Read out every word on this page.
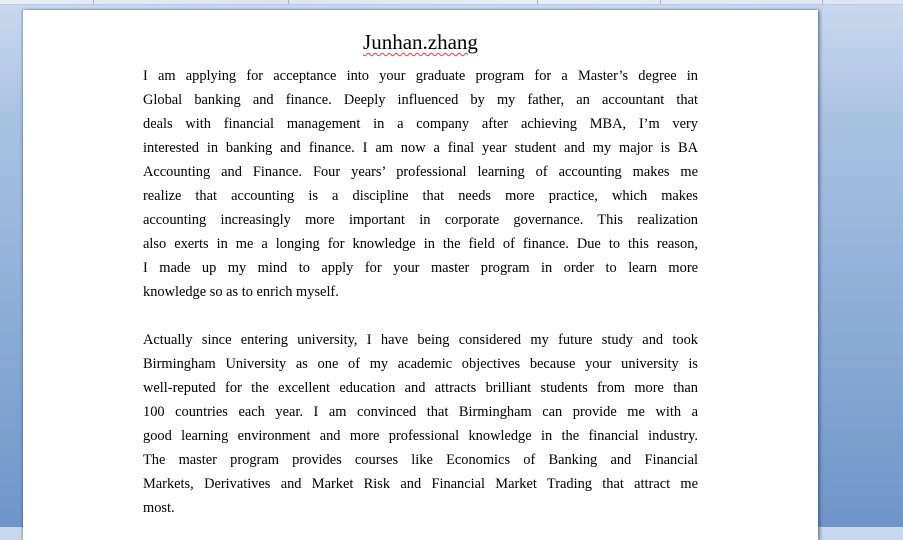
Junhan.zhang
I am applying for acceptance into your graduate program for a Master’s degree in
Global banking and finance. Deeply influenced by my father, an accountant that
deals with financial management in a company after achieving MBA, I’m very
interested in banking and finance. I am now a final year student and my major is BA
Accounting and Finance. Four years’ professional learning of accounting makes me
realize that accounting is a discipline that needs more practice, which makes
accounting increasingly more important in corporate governance. This realization
also exerts in me a longing for knowledge in the field of finance. Due to this reason,
I made up my mind to apply for your master program in order to learn more
knowledge so as to enrich myself.
Actually since entering university, I have being considered my future study and took
Birmingham University as one of my academic objectives because your university is
well-reputed for the excellent education and attracts brilliant students from more than
100 countries each year. I am convinced that Birmingham can provide me with a
good learning environment and more professional knowledge in the financial industry.
The master program provides courses like Economics of Banking and Financial
Markets, Derivatives and Market Risk and Financial Market Trading that attract me
most.
